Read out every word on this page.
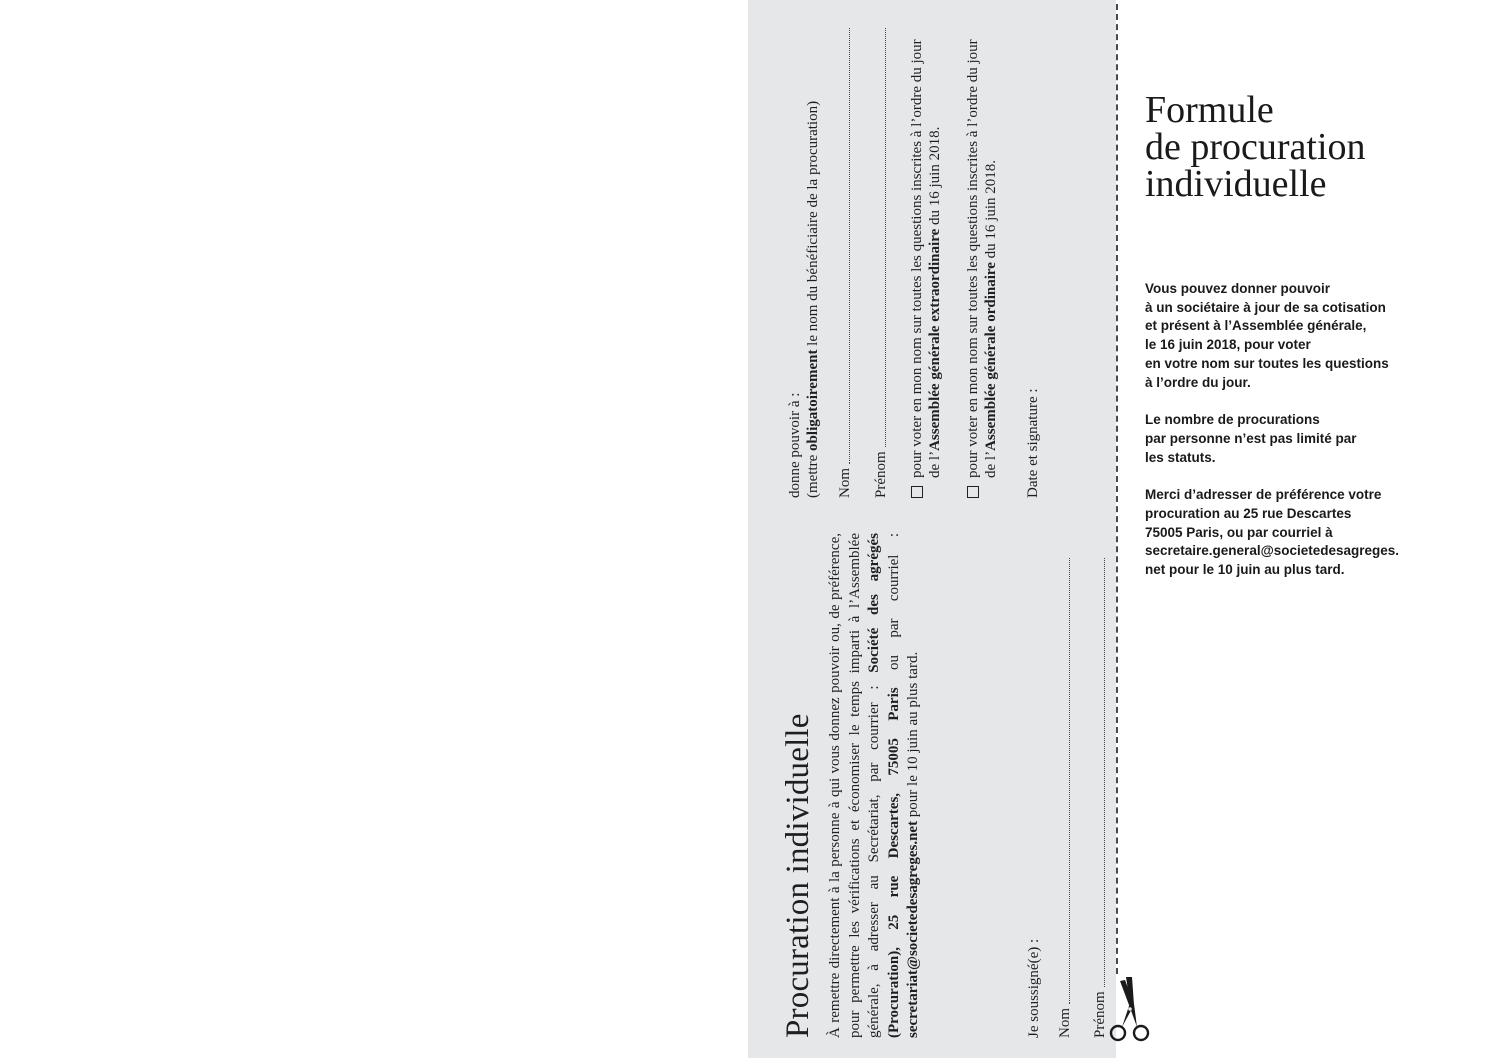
Procuration individuelle À remettre directement à la personne à qui vous donnez pouvoir ou, de préférence, pour permettre les vérifications et économiser le temps imparti à l’Assemblée générale, à adresser au Secrétariat, par courrier : Société des agrégés (Procuration), 25 rue Descartes, 75005 Paris ou par courriel : secretariat@societedesagreges.net pour le 10 juin au plus tard.

Je soussigné(e) : Nom Prénom

donne pouvoir à : (mettre obligatoirement le nom du bénéficiaire de la procuration)

Nom Prénom pour voter en mon nom sur toutes les questions inscrites à l’ordre du jour de l’Assemblée générale extraordinaire du 16 juin 2018. pour voter en mon nom sur toutes les questions inscrites à l’ordre du jour de l’Assemblée générale ordinaire du 16 juin 2018.
Date et signature :
Formule
de procuration
individuelle

Vous pouvez donner pouvoir
à un sociétaire à jour de sa cotisation
et présent à l’Assemblée générale,
le 16 juin 2018, pour voter
en votre nom sur toutes les questions
à l’ordre du jour.

Le nombre de procurations
par personne n’est pas limité par
les statuts.

Merci d’adresser de préférence votre
procuration au 25 rue Descartes
75005 Paris, ou par courriel à
secretaire.general@societedesagreges.
net pour le 10 juin au plus tard.
